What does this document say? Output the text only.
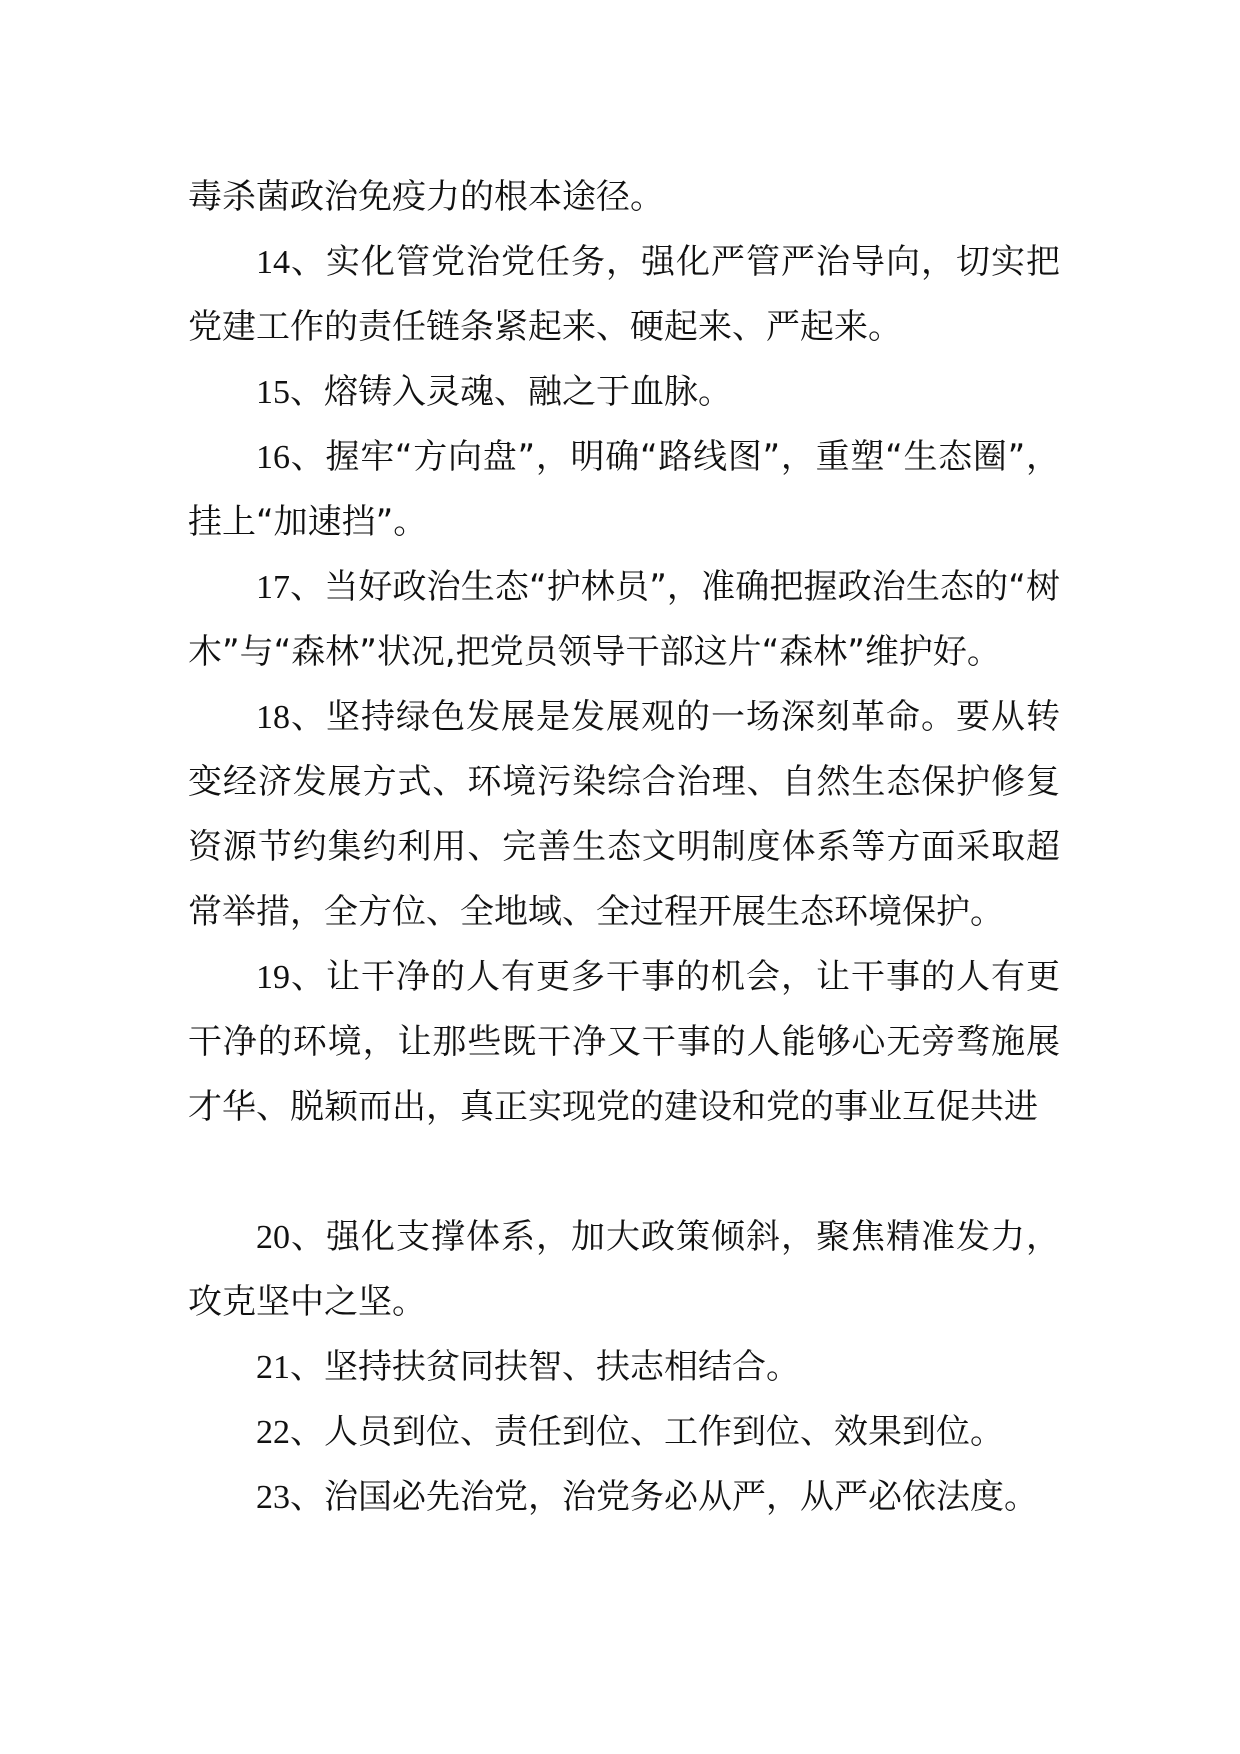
毒杀菌政治免疫力的根本途径。

14、实化管党治党任务，强化严管严治导向，切实把党建工作的责任链条紧起来、硬起来、严起来。

15、熔铸入灵魂、融之于血脉。

16、握牢“方向盘”，明确“路线图”，重塑“生态圈”，挂上“加速挡”。

17、当好政治生态“护林员”，准确把握政治生态的“树木”与“森林”状况,把党员领导干部这片“森林”维护好。

18、坚持绿色发展是发展观的一场深刻革命。要从转变经济发展方式、环境污染综合治理、自然生态保护修复资源节约集约利用、完善生态文明制度体系等方面采取超常举措，全方位、全地域、全过程开展生态环境保护。

19、让干净的人有更多干事的机会，让干事的人有更干净的环境，让那些既干净又干事的人能够心无旁骛施展才华、脱颖而出，真正实现党的建设和党的事业互促共进

20、强化支撑体系，加大政策倾斜，聚焦精准发力，攻克坚中之坚。

21、坚持扶贫同扶智、扶志相结合。

22、人员到位、责任到位、工作到位、效果到位。

23、治国必先治党，治党务必从严，从严必依法度。
